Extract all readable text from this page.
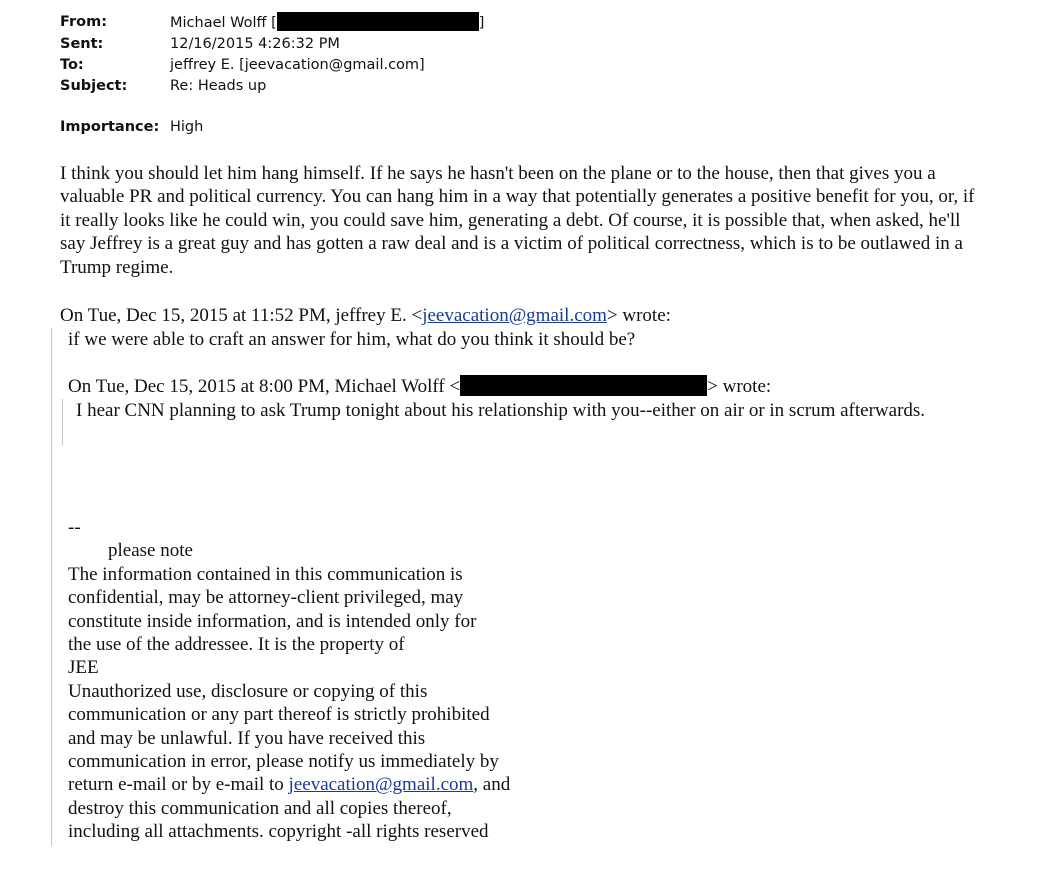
From:	Michael Wolff [	]
Sent:	12/16/2015 4:26:32 PM
To:	jeffrey E. [jeevacation@gmail.com]
Subject:	Re: Heads up
Importance: High

I think you should let him hang himself. If he says he hasn't been on the plane or to the house, then that gives you a valuable PR and political currency. You can hang him in a way that potentially generates a positive benefit for you, or, if it really looks like he could win, you could save him, generating a debt. Of course, it is possible that, when asked, he'll say Jeffrey is a great guy and has gotten a raw deal and is a victim of political correctness, which is to be outlawed in a Trump regime.

On Tue, Dec 15, 2015 at 11:52 PM, jeffrey E. <jeevacation@gmail.com> wrote:
if we were able to craft an answer for him, what do you think it should be?
On Tue, Dec 15, 2015 at 8:00 PM, Michael Wolff <	> wrote:
I hear CNN planning to ask Trump tonight about his relationship with you--either on air or in scrum afterwards.
--
please note
The information contained in this communication is
confidential, may be attorney-client privileged, may
constitute inside information, and is intended only for
the use of the addressee. It is the property of
JEE
Unauthorized use, disclosure or copying of this
communication or any part thereof is strictly prohibited
and may be unlawful. If you have received this
communication in error, please notify us immediately by
return e-mail or by e-mail to jeevacation@gmail.com, and
destroy this communication and all copies thereof,
including all attachments. copyright -all rights reserved
